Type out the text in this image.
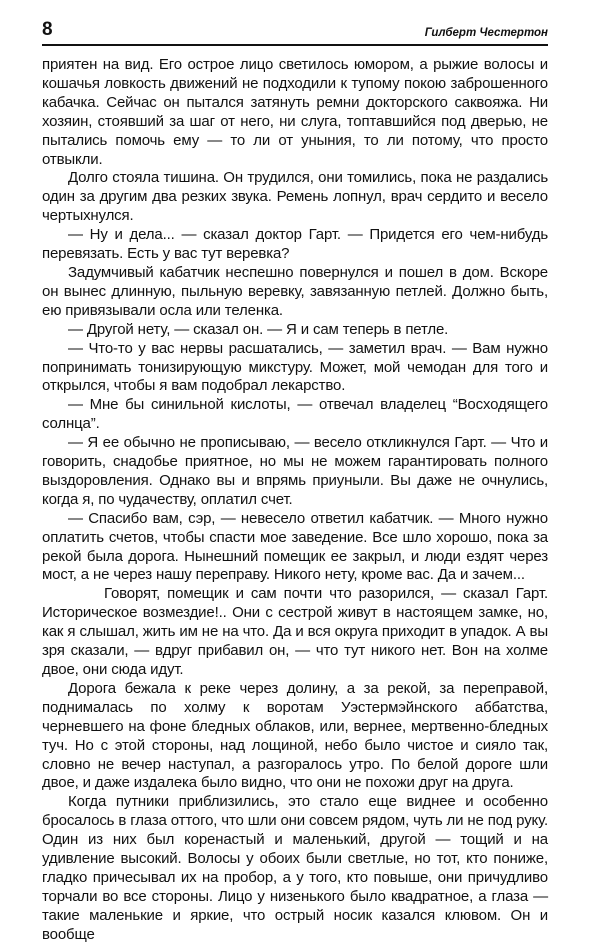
8	Гилберт Честертон

приятен на вид. Его острое лицо светилось юмором, а рыжие волосы и кошачья ловкость движений не подходили к тупому покою заброшенного кабачка. Сейчас он пытался затянуть ремни докторского саквояжа. Ни хозяин, стоявший за шаг от него, ни слуга, топтавшийся под дверью, не пытались помочь ему — то ли от уныния, то ли потому, что просто отвыкли.

Долго стояла тишина. Он трудился, они томились, пока не раздались один за другим два резких звука. Ремень лопнул, врач сердито и весело чертыхнулся.

— Ну и дела... — сказал доктор Гарт. — Придется его чем-нибудь перевязать. Есть у вас тут веревка?

Задумчивый кабатчик неспешно повернулся и пошел в дом. Вскоре он вынес длинную, пыльную веревку, завязанную петлей. Должно быть, ею привязывали осла или теленка.

— Другой нету, — сказал он. — Я и сам теперь в петле.

— Что-то у вас нервы расшатались, — заметил врач. — Вам нужно попринимать тонизирующую микстуру. Может, мой чемодан для того и открылся, чтобы я вам подобрал лекарство.

— Мне бы синильной кислоты, — отвечал владелец “Восходящего солнца”.

— Я ее обычно не прописываю, — весело откликнулся Гарт. — Что и говорить, снадобье приятное, но мы не можем гарантировать полного выздоровления. Однако вы и впрямь приуныли. Вы даже не очнулись, когда я, по чудачеству, оплатил счет.

— Спасибо вам, сэр, — невесело ответил кабатчик. — Много нужно оплатить счетов, чтобы спасти мое заведение. Все шло хорошо, пока за рекой была дорога. Нынешний помещик ее закрыл, и люди ездят через мост, а не через нашу переправу. Никого нету, кроме вас. Да и зачем...

Говорят, помещик и сам почти что разорился, — сказал Гарт. Историческое возмездие!.. Они с сестрой живут в настоящем замке, но, как я слышал, жить им не на что. Да и вся округа приходит в упадок. А вы зря сказали, — вдруг прибавил он, — что тут никого нет. Вон на холме двое, они сюда идут.

Дорога бежала к реке через долину, а за рекой, за переправой, поднималась по холму к воротам Уэстермэйнского аббатства, черневшего на фоне бледных облаков, или, вернее, мертвенно-бледных туч. Но с этой стороны, над лощиной, небо было чистое и сияло так, словно не вечер наступал, а разгоралось утро. По белой дороге шли двое, и даже издалека было видно, что они не похожи друг на друга.

Когда путники приблизились, это стало еще виднее и особенно бросалось в глаза оттого, что шли они совсем рядом, чуть ли не под руку. Один из них был коренастый и маленький, другой — тощий и на удивление высокий. Волосы у обоих были светлые, но тот, кто пониже, гладко причесывал их на пробор, а у того, кто повыше, они причудливо торчали во все стороны. Лицо у низенького было квадратное, а глаза — такие маленькие и яркие, что острый носик казался клювом. Он и вообще
